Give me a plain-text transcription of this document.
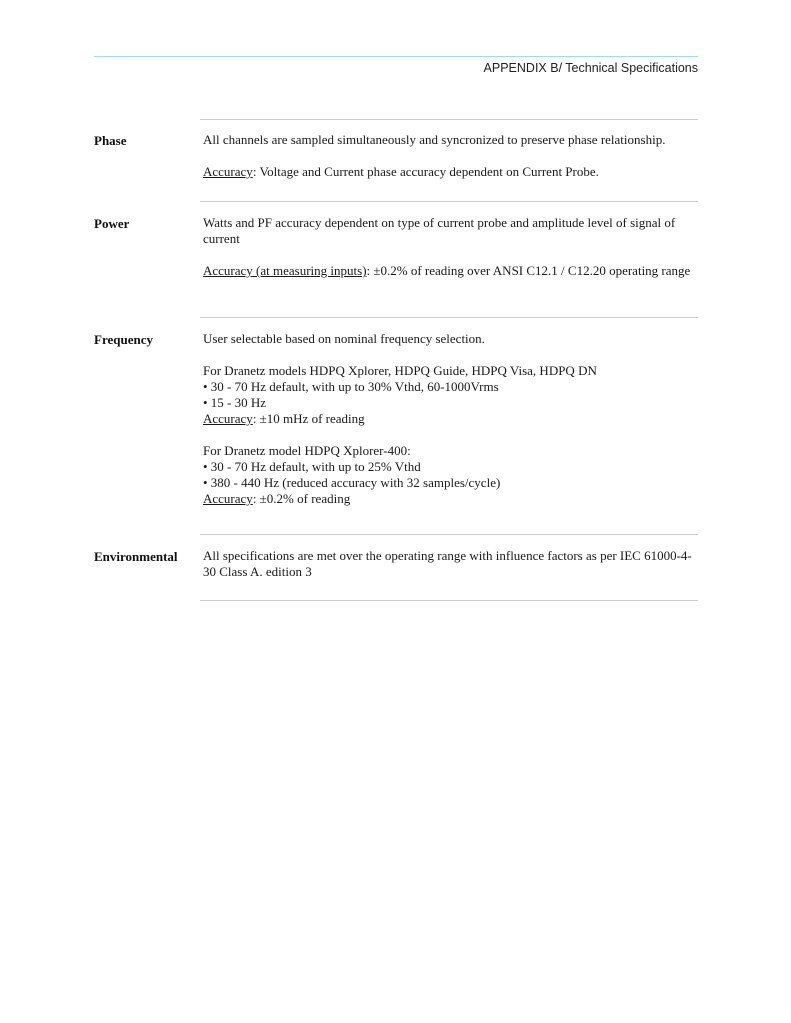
APPENDIX B/ Technical Specifications
Phase	All channels are sampled simultaneously and syncronized to preserve phase relationship.

Accuracy: Voltage and Current phase accuracy dependent on Current Probe.

Power	Watts and PF accuracy dependent on type of current probe and amplitude level of signal of current

Accuracy (at measuring inputs): ±0.2% of reading over ANSI C12.1 / C12.20 operating range

Frequency	User selectable based on nominal frequency selection.

For Dranetz models HDPQ Xplorer, HDPQ Guide, HDPQ Visa, HDPQ DN

• 30 - 70 Hz default, with up to 30% Vthd, 60-1000Vrms

• 15 - 30 Hz

Accuracy: ±10 mHz of reading

For Dranetz model HDPQ Xplorer-400:

• 30 - 70 Hz default, with up to 25% Vthd

• 380 - 440 Hz (reduced accuracy with 32 samples/cycle)

Accuracy: ±0.2% of reading

Environmental All specifications are met over the operating range with influence factors as per IEC 61000-4-30 Class A. edition 3
